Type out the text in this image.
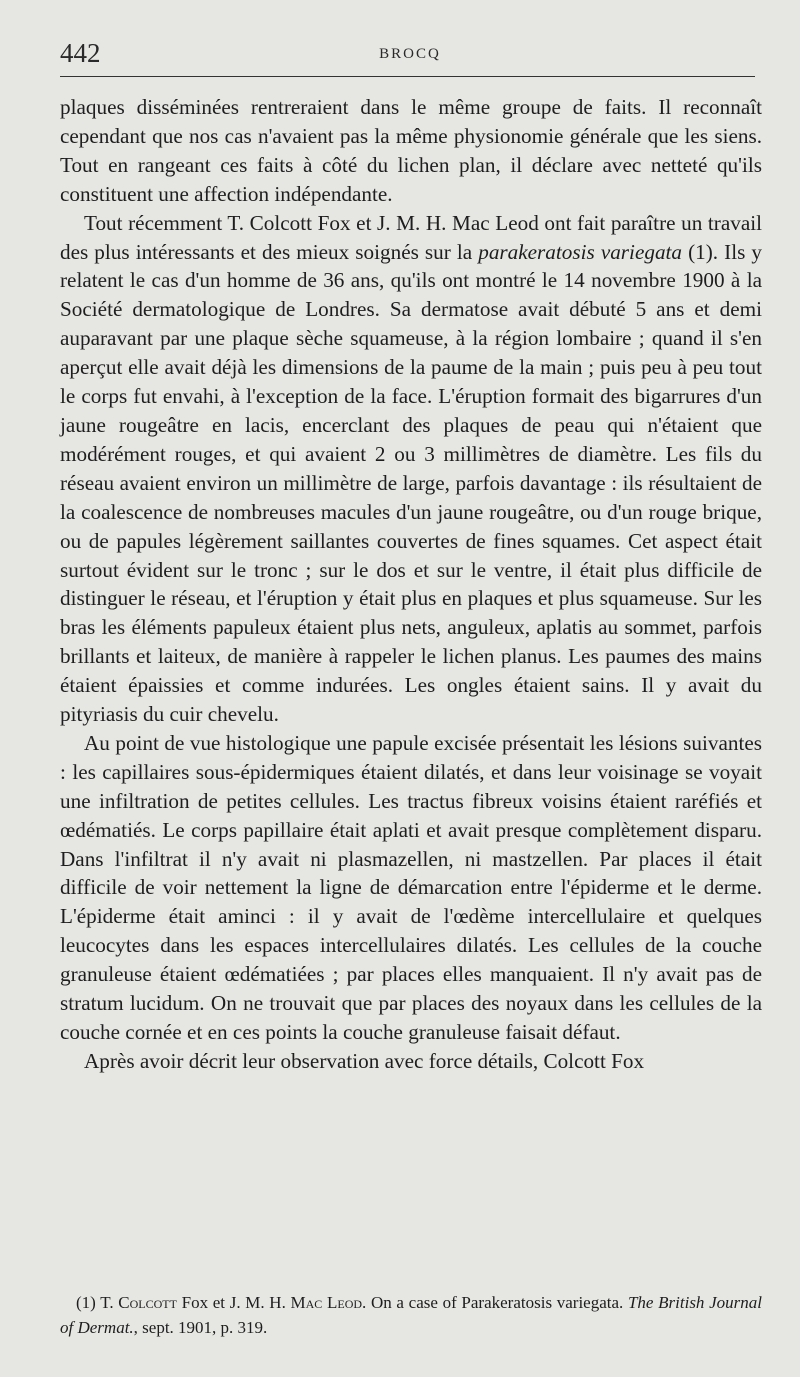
442	BROCQ

plaques disséminées rentreraient dans le même groupe de faits. Il reconnaît cependant que nos cas n'avaient pas la même physionomie générale que les siens. Tout en rangeant ces faits à côté du lichen plan, il déclare avec netteté qu'ils constituent une affection indépendante.

Tout récemment T. Colcott Fox et J. M. H. Mac Leod ont fait paraître un travail des plus intéressants et des mieux soignés sur la parakeratosis variegata (1). Ils y relatent le cas d'un homme de 36 ans, qu'ils ont montré le 14 novembre 1900 à la Société dermatologique de Londres. Sa dermatose avait débuté 5 ans et demi auparavant par une plaque sèche squameuse, à la région lombaire ; quand il s'en aperçut elle avait déjà les dimensions de la paume de la main ; puis peu à peu tout le corps fut envahi, à l'exception de la face. L'éruption formait des bigarrures d'un jaune rougeâtre en lacis, encerclant des plaques de peau qui n'étaient que modérément rouges, et qui avaient 2 ou 3 millimètres de diamètre. Les fils du réseau avaient environ un millimètre de large, parfois davantage : ils résultaient de la coalescence de nombreuses macules d'un jaune rougeâtre, ou d'un rouge brique, ou de papules légèrement saillantes couvertes de fines squames. Cet aspect était surtout évident sur le tronc ; sur le dos et sur le ventre, il était plus difficile de distinguer le réseau, et l'éruption y était plus en plaques et plus squameuse. Sur les bras les éléments papuleux étaient plus nets, anguleux, aplatis au sommet, parfois brillants et laiteux, de manière à rappeler le lichen planus. Les paumes des mains étaient épaissies et comme indurées. Les ongles étaient sains. Il y avait du pityriasis du cuir chevelu.

Au point de vue histologique une papule excisée présentait les lésions suivantes : les capillaires sous-épidermiques étaient dilatés, et dans leur voisinage se voyait une infiltration de petites cellules. Les tractus fibreux voisins étaient raréfiés et œdématiés. Le corps papillaire était aplati et avait presque complètement disparu. Dans l'infiltrat il n'y avait ni plasmazellen, ni mastzellen. Par places il était difficile de voir nettement la ligne de démarcation entre l'épiderme et le derme. L'épiderme était aminci : il y avait de l'œdème intercellulaire et quelques leucocytes dans les espaces intercellulaires dilatés. Les cellules de la couche granuleuse étaient œdématiées ; par places elles manquaient. Il n'y avait pas de stratum lucidum. On ne trouvait que par places des noyaux dans les cellules de la couche cornée et en ces points la couche granuleuse faisait défaut.

Après avoir décrit leur observation avec force détails, Colcott Fox

(1) T. Colcott Fox et J. M. H. Mac Leod. On a case of Parakeratosis variegata. The British Journal of Dermat., sept. 1901, p. 319.
